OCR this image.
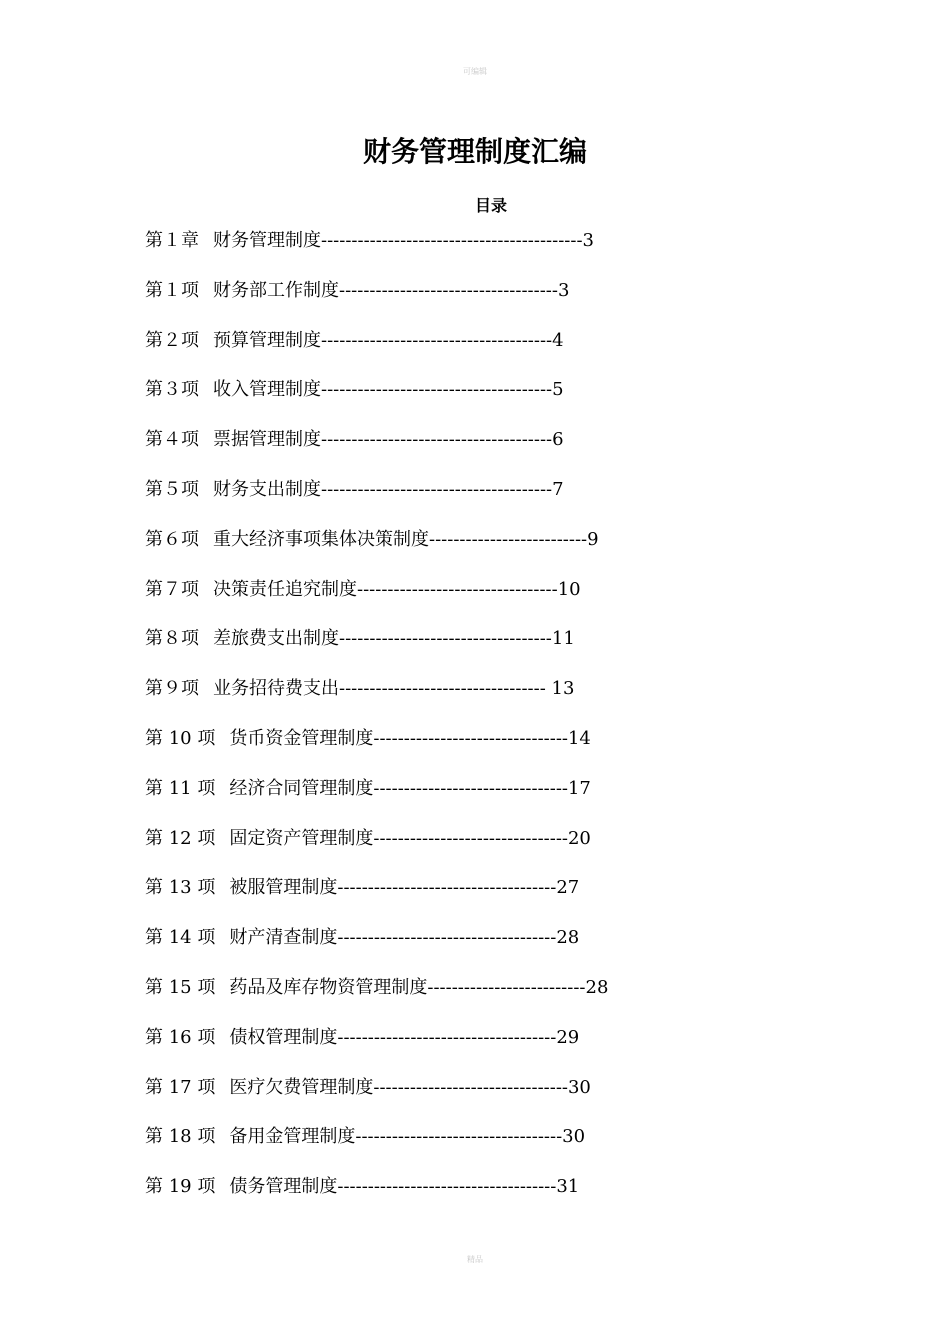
可编辑
财务管理制度汇编
目录
第１章 财务管理制度-------------------------------------------3
第１项 财务部工作制度------------------------------------3
第２项 预算管理制度--------------------------------------4
第３项 收入管理制度--------------------------------------5
第４项 票据管理制度--------------------------------------6
第５项 财务支出制度--------------------------------------7
第６项 重大经济事项集体决策制度--------------------------9
第７项 决策责任追究制度---------------------------------10
第８项 差旅费支出制度-----------------------------------11
第９项 业务招待费支出---------------------------------- 13
第 10 项 货币资金管理制度--------------------------------14
第 11 项 经济合同管理制度--------------------------------17
第 12 项 固定资产管理制度--------------------------------20
第 13 项 被服管理制度------------------------------------27
第 14 项 财产清查制度------------------------------------28
第 15 项 药品及库存物资管理制度--------------------------28
第 16 项 债权管理制度------------------------------------29
第 17 项 医疗欠费管理制度--------------------------------30
第 18 项 备用金管理制度----------------------------------30
第 19 项 债务管理制度------------------------------------31
精品
